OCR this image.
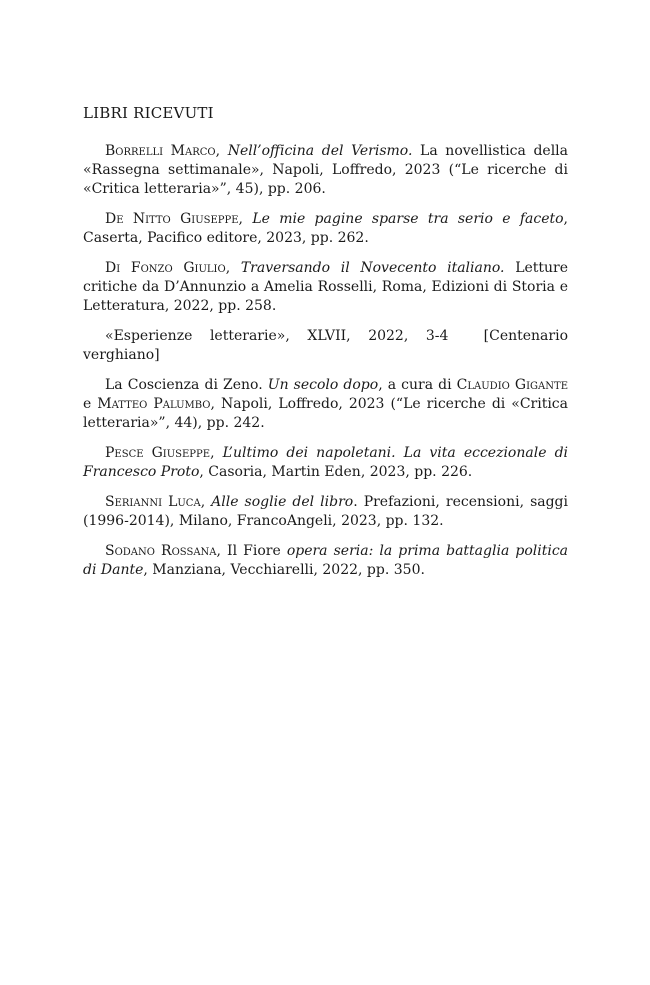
LIBRI RICEVUTI

Borrelli Marco, Nell’officina del Verismo. La novellistica della «Rassegna settimanale», Napoli, Loffredo, 2023 (“Le ricerche di «Critica letteraria»”, 45), pp. 206.

De Nitto Giuseppe, Le mie pagine sparse tra serio e faceto, Caserta, Pacifico editore, 2023, pp. 262.

Di Fonzo Giulio, Traversando il Novecento italiano. Letture critiche da D’Annunzio a Amelia Rosselli, Roma, Edizioni di Storia e Letteratura, 2022, pp. 258.

«Esperienze letterarie», XLVII, 2022, 3-4  [Centenario verghiano]

La Coscienza di Zeno. Un secolo dopo, a cura di Claudio Gigante e Matteo Palumbo, Napoli, Loffredo, 2023 (“Le ricerche di «Critica letteraria»”, 44), pp. 242.

Pesce Giuseppe, L’ultimo dei napoletani. La vita eccezionale di Francesco Proto, Casoria, Martin Eden, 2023, pp. 226.

Serianni Luca, Alle soglie del libro. Prefazioni, recensioni, saggi (1996-2014), Milano, FrancoAngeli, 2023, pp. 132.

Sodano Rossana, Il Fiore opera seria: la prima battaglia politica di Dante, Manziana, Vecchiarelli, 2022, pp. 350.
